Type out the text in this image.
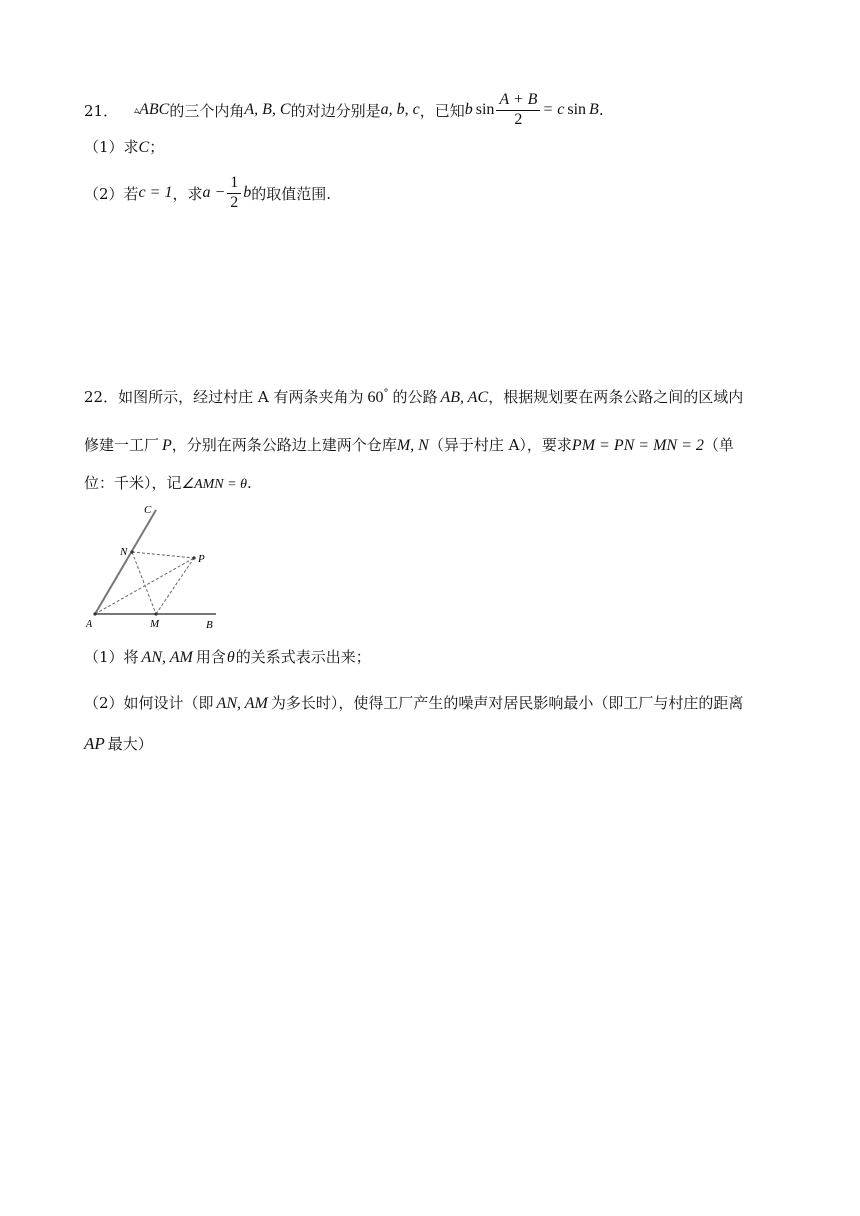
21． ▵ ABC 的三个内角 A, B, C 的对边分别是 a, b, c ，已知 b $\sin \frac{A + B}{2} = c$ sin B .
（1）求C；
（2）若 c = 1 ，求 $a - \frac{1}{2}$ b 的取值范围.
22．如图所示，经过村庄 A 有两条夹角为 60° 的公路 AB, AC，根据规划要在两条公路之间的区域内
修建一工厂 P，分别在两条公路边上建两个仓库M, N（异于村庄 A），要求PM = PN = MN = 2（单
位：千米），记∠AMN = θ.
C
N
P
A	M	B
（1）将 AN, AM 用含θ的关系式表示出来；
（2）如何设计（即 AN, AM 为多长时），使得工厂产生的噪声对居民影响最小（即工厂与村庄的距离
AP 最大）
